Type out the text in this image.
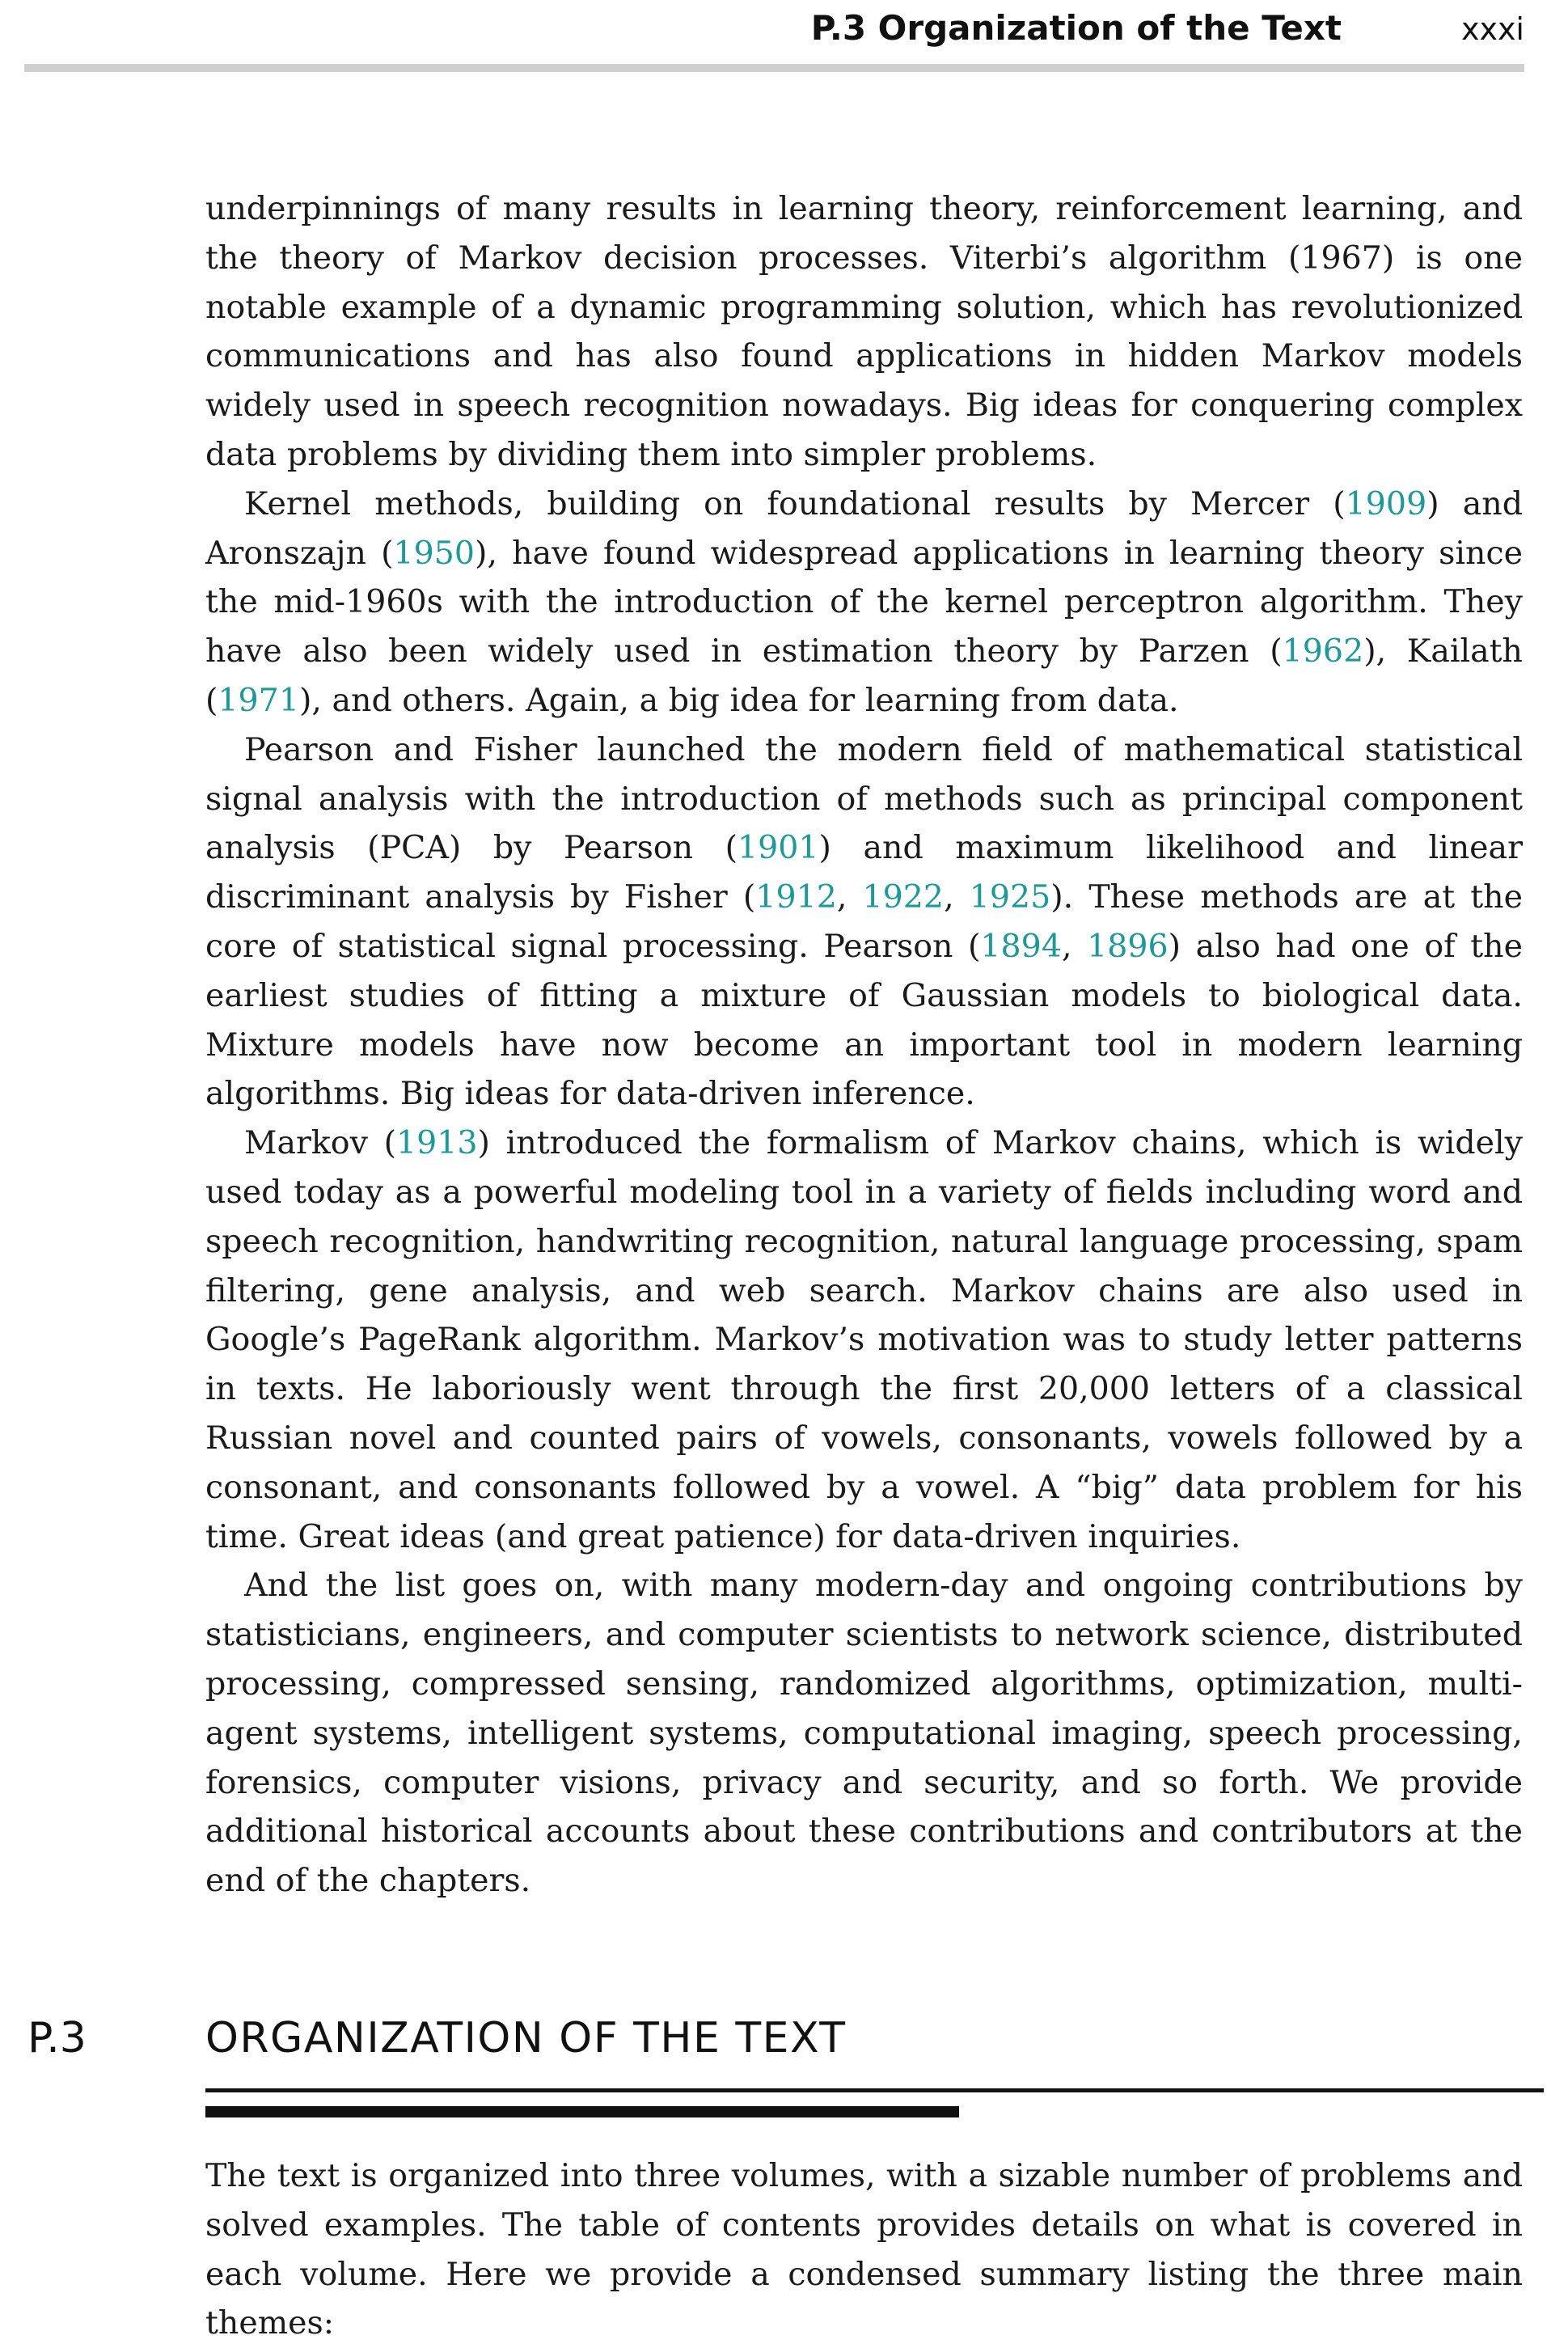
P.3 Organization of the Text	xxxi

underpinnings of many results in learning theory, reinforcement learning, and the theory of Markov decision processes. Viterbi’s algorithm (1967) is one notable example of a dynamic programming solution, which has revolutionized communications and has also found applications in hidden Markov models widely used in speech recognition nowadays. Big ideas for conquering complex data problems by dividing them into simpler problems.

Kernel methods, building on foundational results by Mercer (1909) and Aronszajn (1950), have found widespread applications in learning theory since the mid-1960s with the introduction of the kernel perceptron algorithm. They have also been widely used in estimation theory by Parzen (1962), Kailath (1971), and others. Again, a big idea for learning from data.

Pearson and Fisher launched the modern field of mathematical statistical signal analysis with the introduction of methods such as principal component analysis (PCA) by Pearson (1901) and maximum likelihood and linear discriminant analysis by Fisher (1912, 1922, 1925). These methods are at the core of statistical signal processing. Pearson (1894, 1896) also had one of the earliest studies of fitting a mixture of Gaussian models to biological data. Mixture models have now become an important tool in modern learning algorithms. Big ideas for data-driven inference.

Markov (1913) introduced the formalism of Markov chains, which is widely used today as a powerful modeling tool in a variety of fields including word and speech recognition, handwriting recognition, natural language processing, spam filtering, gene analysis, and web search. Markov chains are also used in Google’s PageRank algorithm. Markov’s motivation was to study letter patterns in texts. He laboriously went through the first 20,000 letters of a classical Russian novel and counted pairs of vowels, consonants, vowels followed by a consonant, and consonants followed by a vowel. A “big” data problem for his time. Great ideas (and great patience) for data-driven inquiries.

And the list goes on, with many modern-day and ongoing contributions by statisticians, engineers, and computer scientists to network science, distributed processing, compressed sensing, randomized algorithms, optimization, multi-agent systems, intelligent systems, computational imaging, speech processing, forensics, computer visions, privacy and security, and so forth. We provide additional historical accounts about these contributions and contributors at the end of the chapters.

P.3	ORGANIZATION OF THE TEXT

The text is organized into three volumes, with a sizable number of problems and solved examples. The table of contents provides details on what is covered in each volume. Here we provide a condensed summary listing the three main themes:
